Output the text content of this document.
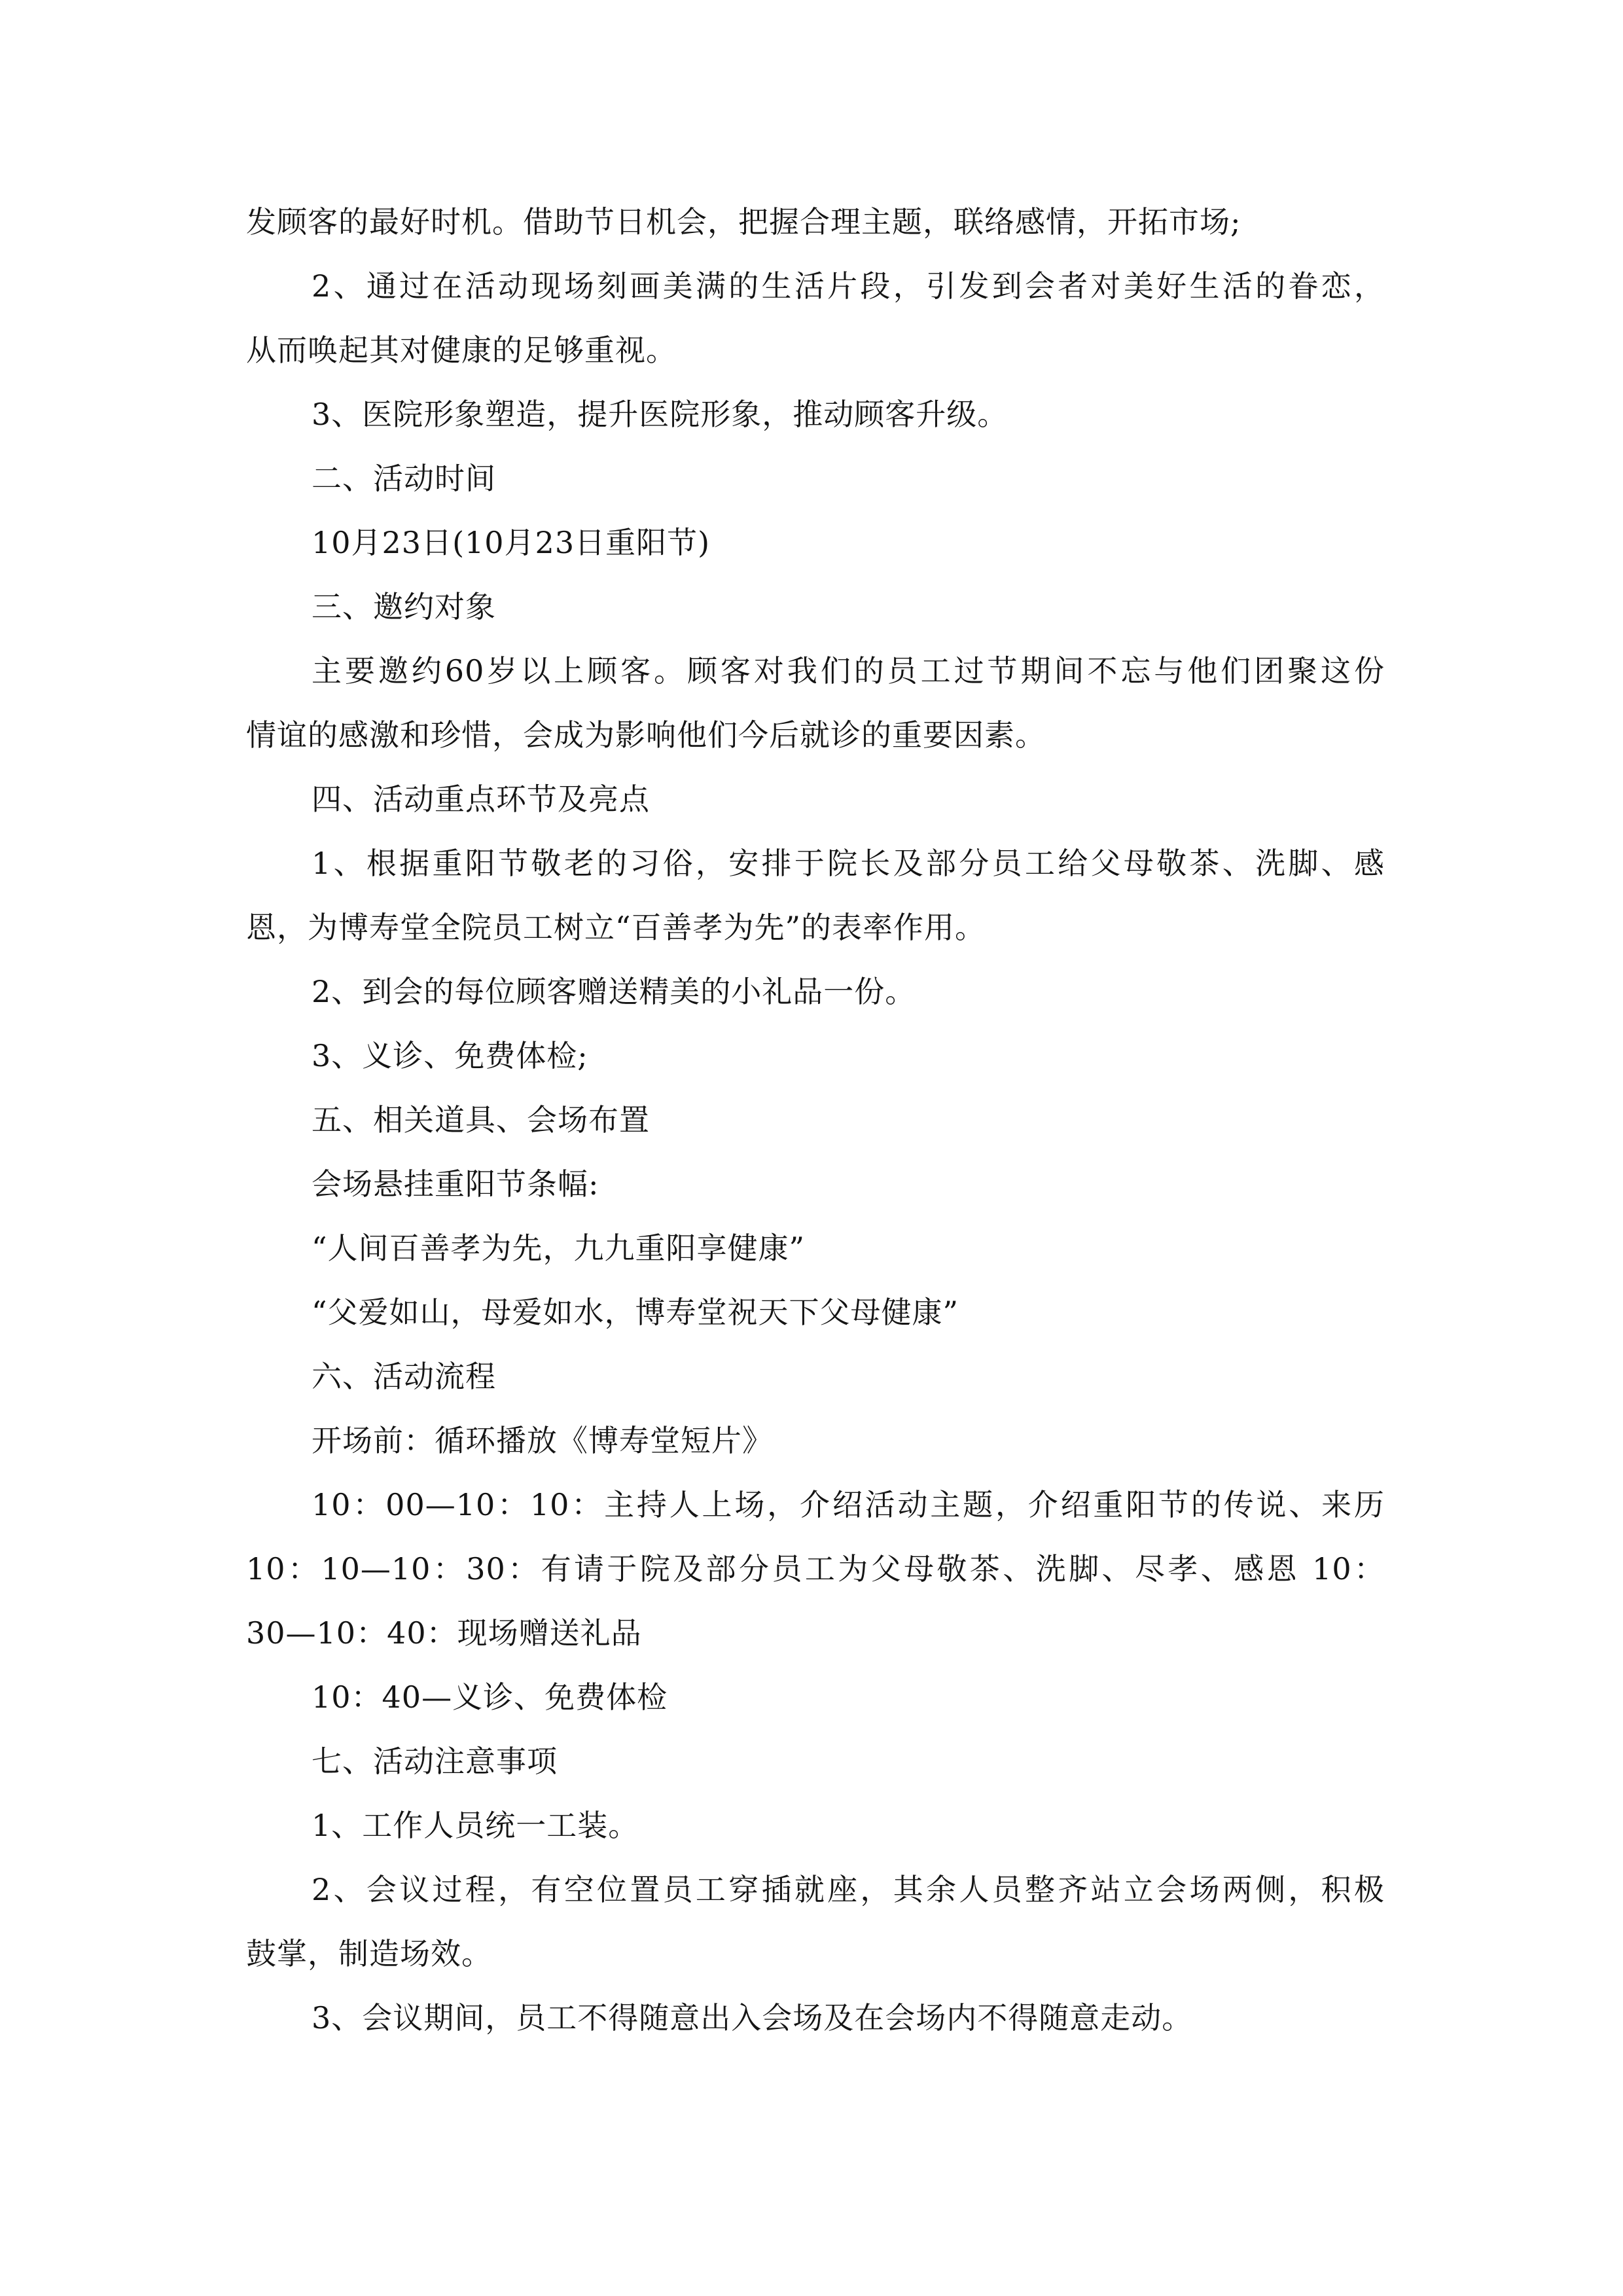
发顾客的最好时机。借助节日机会，把握合理主题，联络感情，开拓市场;
2、通过在活动现场刻画美满的生活片段，引发到会者对美好生活的眷恋，
从而唤起其对健康的足够重视。
3、医院形象塑造，提升医院形象，推动顾客升级。
二、活动时间
10月23日(10月23日重阳节)
三、邀约对象
主要邀约60岁以上顾客。顾客对我们的员工过节期间不忘与他们团聚这份
情谊的感激和珍惜，会成为影响他们今后就诊的重要因素。
四、活动重点环节及亮点
1、根据重阳节敬老的习俗，安排于院长及部分员工给父母敬茶、洗脚、感
恩，为博寿堂全院员工树立“百善孝为先”的表率作用。
2、到会的每位顾客赠送精美的小礼品一份。
3、义诊、免费体检;
五、相关道具、会场布置
会场悬挂重阳节条幅:
“人间百善孝为先，九九重阳享健康”
“父爱如山，母爱如水，博寿堂祝天下父母健康”
六、活动流程
开场前：循环播放《博寿堂短片》
10：00—10：10：主持人上场，介绍活动主题，介绍重阳节的传说、来历
10：10—10：30：有请于院及部分员工为父母敬茶、洗脚、尽孝、感恩 10：
30—10：40：现场赠送礼品
10：40—义诊、免费体检
七、活动注意事项
1、工作人员统一工装。
2、会议过程，有空位置员工穿插就座，其余人员整齐站立会场两侧，积极
鼓掌，制造场效。
3、会议期间，员工不得随意出入会场及在会场内不得随意走动。
